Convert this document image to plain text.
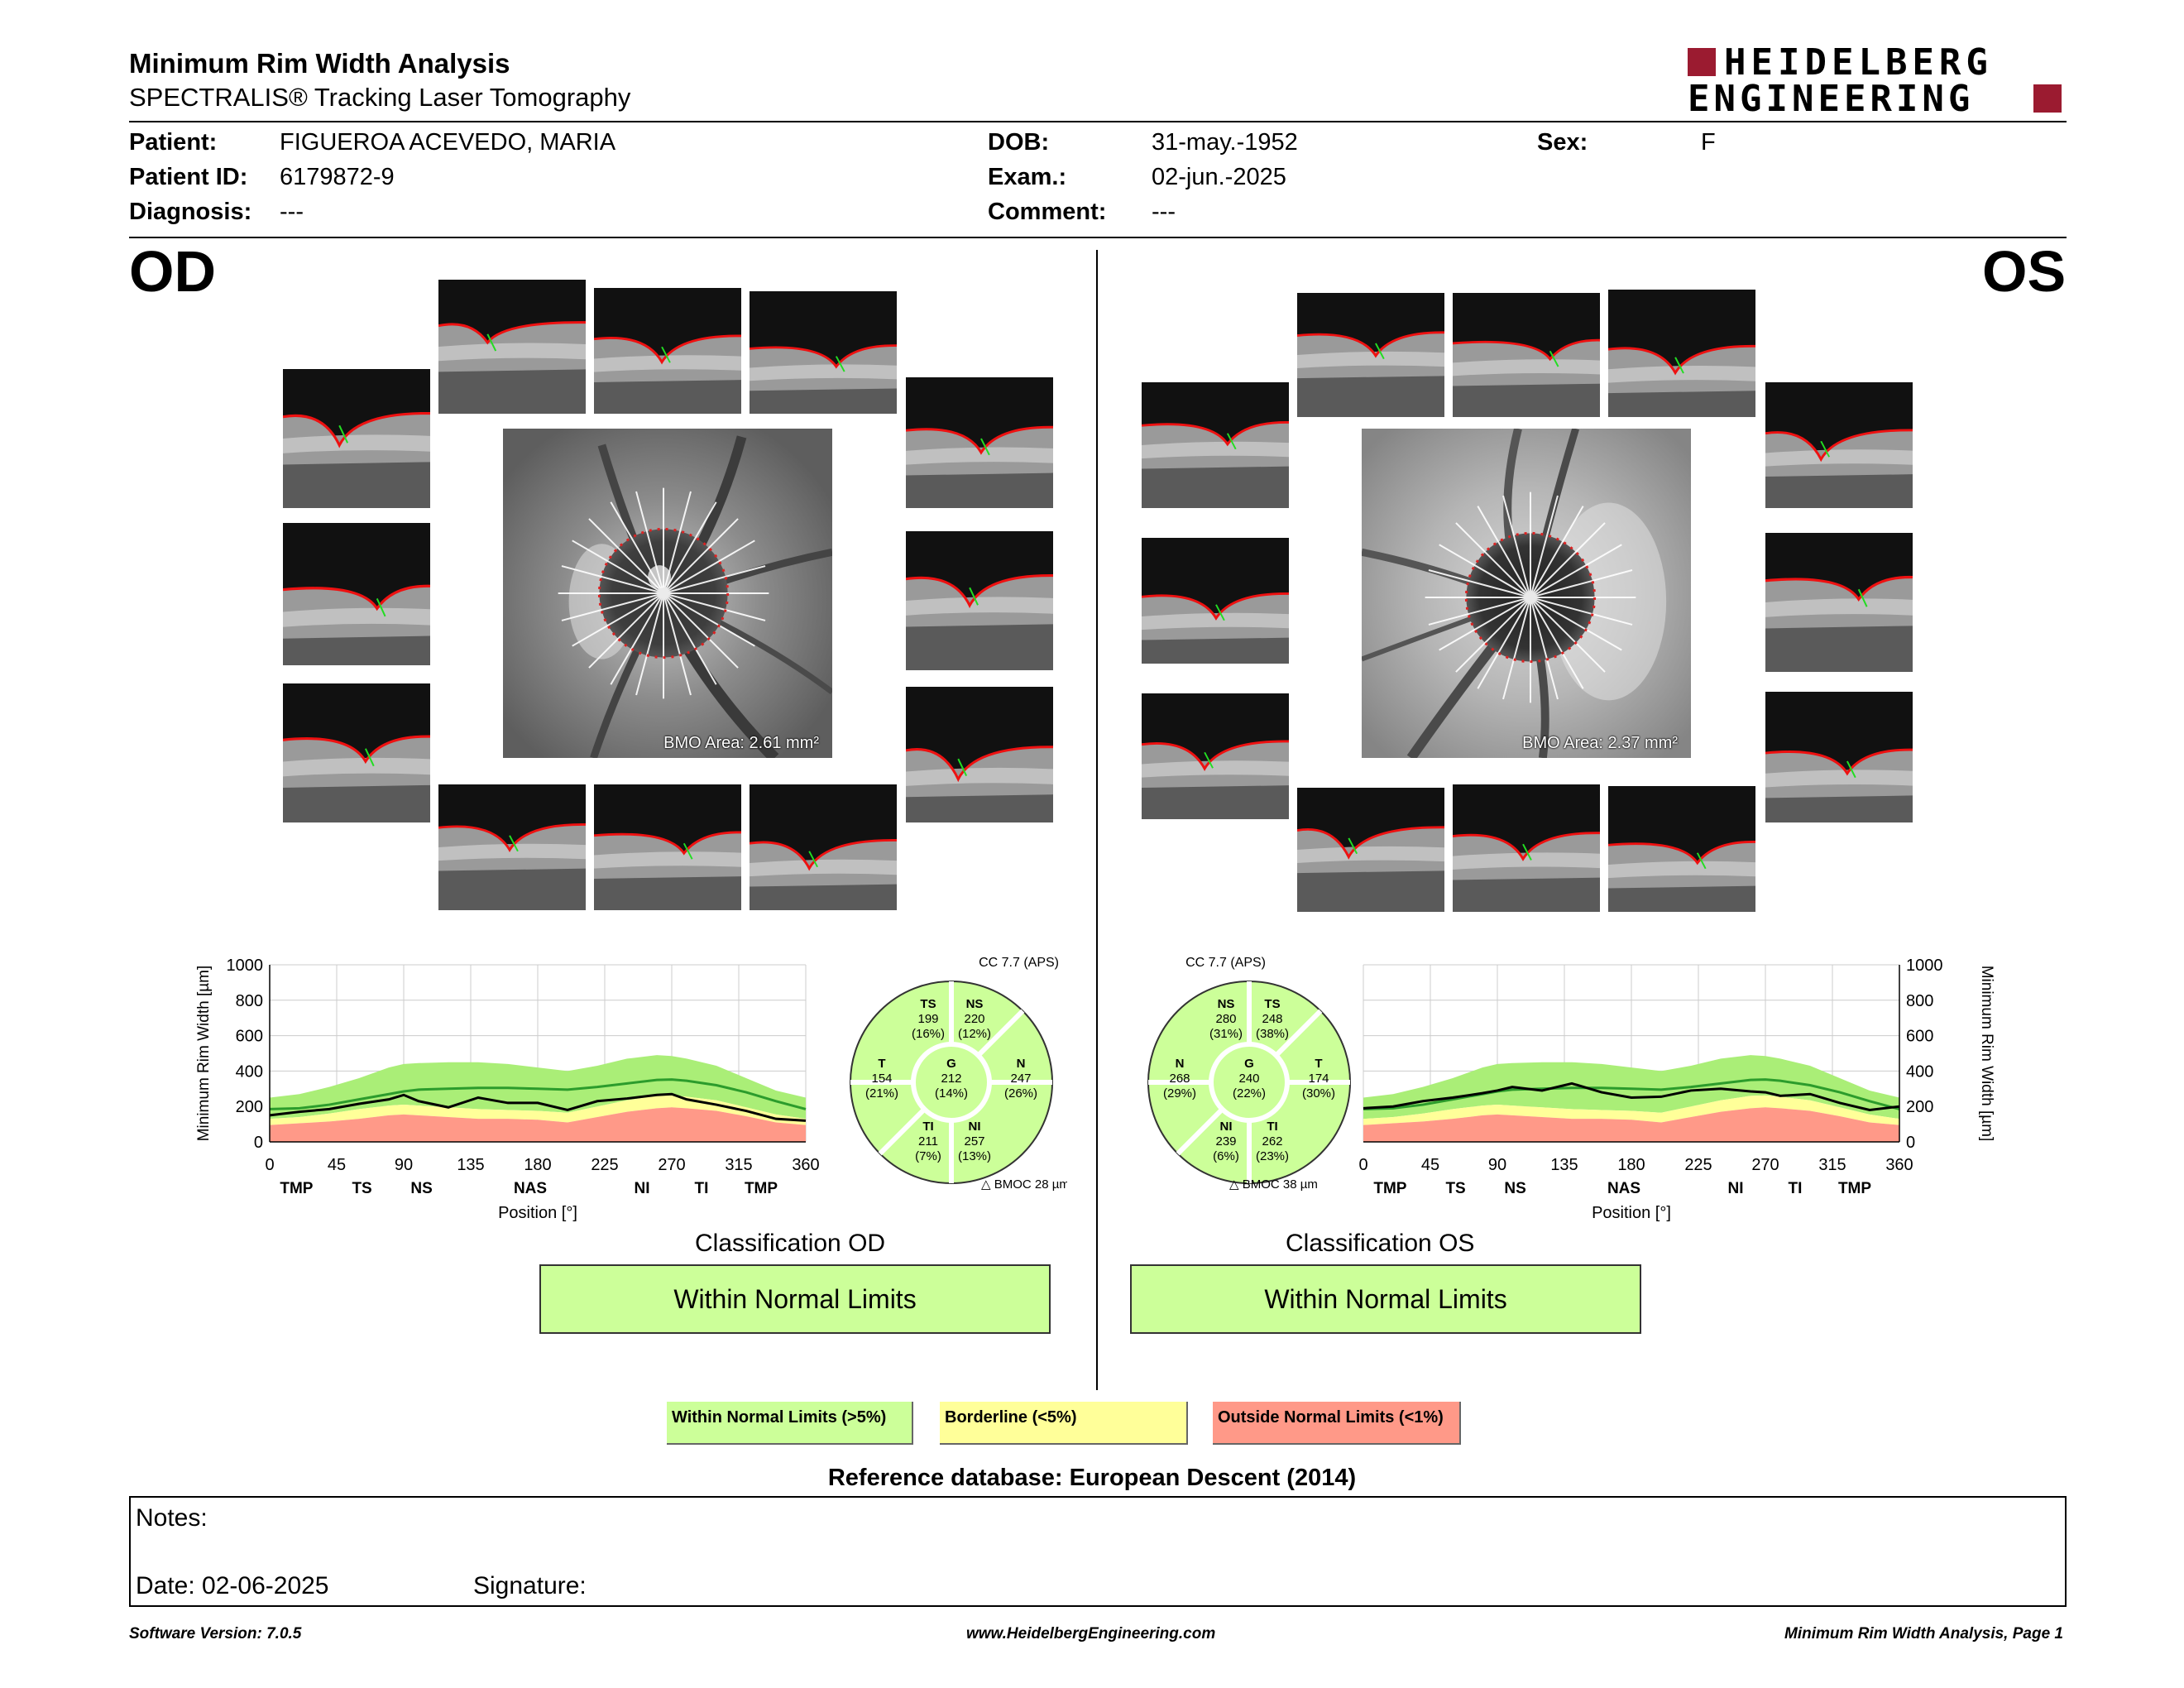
Minimum Rim Width Analysis
SPECTRALIS® Tracking Laser Tomography
HEIDELBERG
ENGINEERING
Patient:	FIGUEROA ACEVEDO, MARIA
Patient ID: 6179872-9
Diagnosis: ---
DOB:	31-may.-1952
Exam.:	02-jun.-2025
Comment: ---
Sex:	F
OD	OS
BMO Area: 2.61 mm²	BMO Area: 2.37 mm²
0
200
400
600
800
1000
0	45	90	135 180 225 270 315 360
TMP TS NS	NAS	NI	TI TMP
Position [°]
Minimum Rim Width [µm]
0
200
400
600
800
1000
0	45	90	135 180 225 270 315 360
TMP TS NS	NAS	NI	TI TMP
Position [°]
Minimum Rim Width [µm]
CC 7.7 (APS)
TS
199
(16%)
NS
220
(12%)
T
154
(21%)
G
212
(14%)
N
247
(26%)
TI
211
(7%)
NI
257
(13%)
△ BMOC 28 µm
CC 7.7 (APS)
NS
280
(31%)
TS
248
(38%)
N
268
(29%)
G
240
(22%)
T
174
(30%)
NI
239
(6%)
TI
262
(23%)
△ BMOC 38 µm
Classification OD
Within Normal Limits
Classification OS
Within Normal Limits
Within Normal Limits (>5%)	Borderline (<5%)	Outside Normal Limits (<1%)
Reference database: European Descent (2014)
Notes:
Date: 02-06-2025	Signature:
Software Version: 7.0.5	www.HeidelbergEngineering.com	Minimum Rim Width Analysis, Page 1
